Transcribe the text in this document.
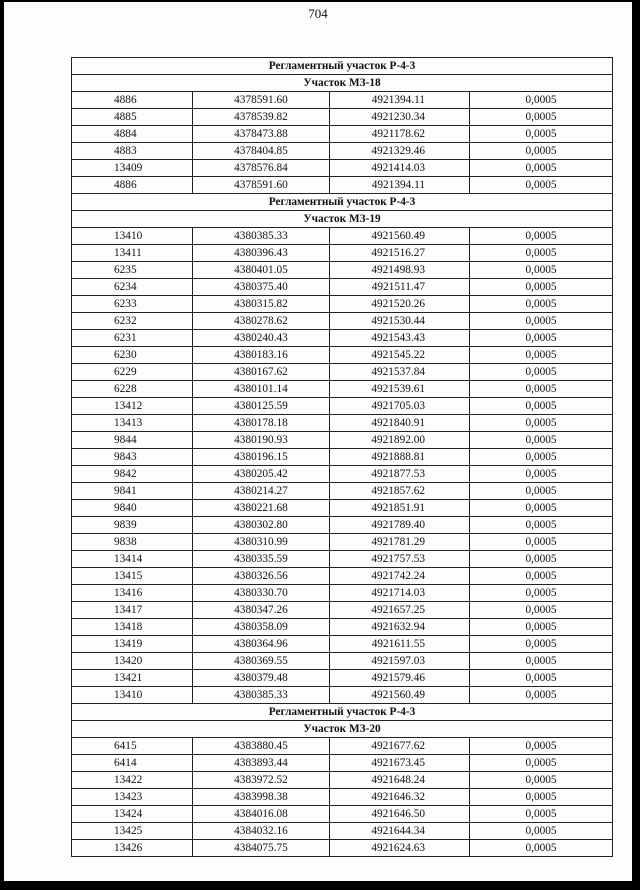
704
Регламентный участок Р-4-3			
Участок МЗ-18			
4886	4378591.60	4921394.11	0,0005
4885	4378539.82	4921230.34	0,0005
4884	4378473.88	4921178.62	0,0005
4883	4378404.85	4921329.46	0,0005
13409	4378576.84	4921414.03	0,0005
4886	4378591.60	4921394.11	0,0005
Регламентный участок Р-4-3			
Участок МЗ-19			
13410	4380385.33	4921560.49	0,0005
13411	4380396.43	4921516.27	0,0005
6235	4380401.05	4921498.93	0,0005
6234	4380375.40	4921511.47	0,0005
6233	4380315.82	4921520.26	0,0005
6232	4380278.62	4921530.44	0,0005
6231	4380240.43	4921543.43	0,0005
6230	4380183.16	4921545.22	0,0005
6229	4380167.62	4921537.84	0,0005
6228	4380101.14	4921539.61	0,0005
13412	4380125.59	4921705.03	0,0005
13413	4380178.18	4921840.91	0,0005
9844	4380190.93	4921892.00	0,0005
9843	4380196.15	4921888.81	0,0005
9842	4380205.42	4921877.53	0,0005
9841	4380214.27	4921857.62	0,0005
9840	4380221.68	4921851.91	0,0005
9839	4380302.80	4921789.40	0,0005
9838	4380310.99	4921781.29	0,0005
13414	4380335.59	4921757.53	0,0005
13415	4380326.56	4921742.24	0,0005
13416	4380330.70	4921714.03	0,0005
13417	4380347.26	4921657.25	0,0005
13418	4380358.09	4921632.94	0,0005
13419	4380364.96	4921611.55	0,0005
13420	4380369.55	4921597.03	0,0005
13421	4380379.48	4921579.46	0,0005
13410	4380385.33	4921560.49	0,0005
Регламентный участок Р-4-3			
Участок МЗ-20			
6415	4383880.45	4921677.62	0,0005
6414	4383893.44	4921673.45	0,0005
13422	4383972.52	4921648.24	0,0005
13423	4383998.38	4921646.32	0,0005
13424	4384016.08	4921646.50	0,0005
13425	4384032.16	4921644.34	0,0005
13426	4384075.75	4921624.63	0,0005
